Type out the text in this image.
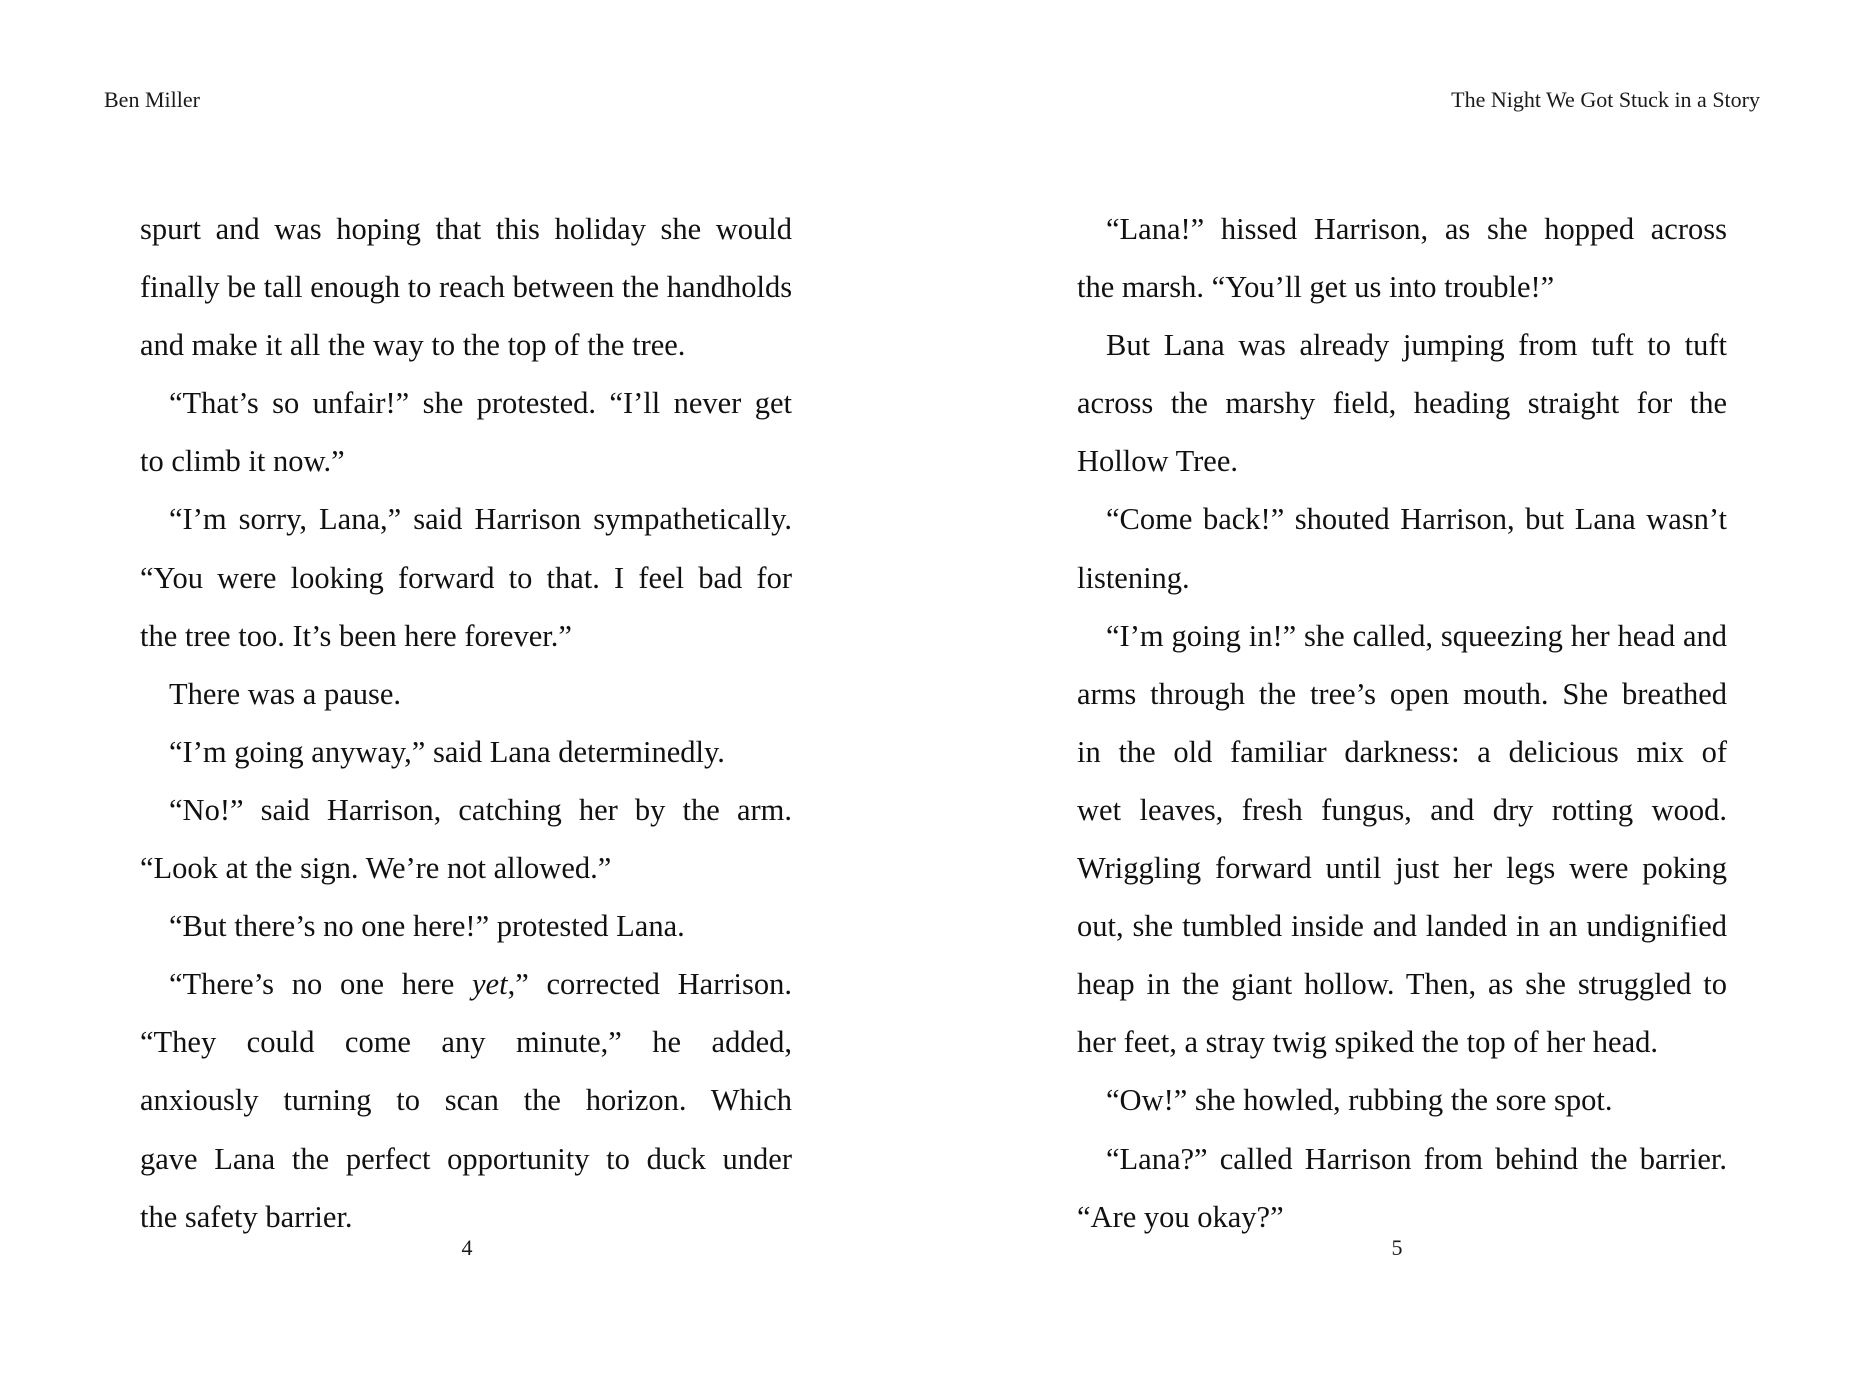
Ben Miller
spurt and was hoping that this holiday she would
finally be tall enough to reach between the handholds
and make it all the way to the top of the tree.
“That’s so unfair!” she protested. “I’ll never get
to climb it now.”
“I’m sorry, Lana,” said Harrison sympathetically.
“You were looking forward to that. I feel bad for
the tree too. It’s been here forever.”
There was a pause.
“I’m going anyway,” said Lana determinedly.
“No!” said Harrison, catching her by the arm.
“Look at the sign. We’re not allowed.”
“But there’s no one here!” protested Lana.
“There’s no one here yet,” corrected Harrison.
“They could come any minute,” he added,
anxiously turning to scan the horizon. Which
gave Lana the perfect opportunity to duck under
the safety barrier.
4
The Night We Got Stuck in a Story
“Lana!” hissed Harrison, as she hopped across
the marsh. “You’ll get us into trouble!”
But Lana was already jumping from tuft to tuft
across the marshy field, heading straight for the
Hollow Tree.
“Come back!” shouted Harrison, but Lana wasn’t
listening.
“I’m going in!” she called, squeezing her head and
arms through the tree’s open mouth. She breathed
in the old familiar darkness: a delicious mix of
wet leaves, fresh fungus, and dry rotting wood.
Wriggling forward until just her legs were poking
out, she tumbled inside and landed in an undignified
heap in the giant hollow. Then, as she struggled to
her feet, a stray twig spiked the top of her head.
“Ow!” she howled, rubbing the sore spot.
“Lana?” called Harrison from behind the barrier.
“Are you okay?”
5
